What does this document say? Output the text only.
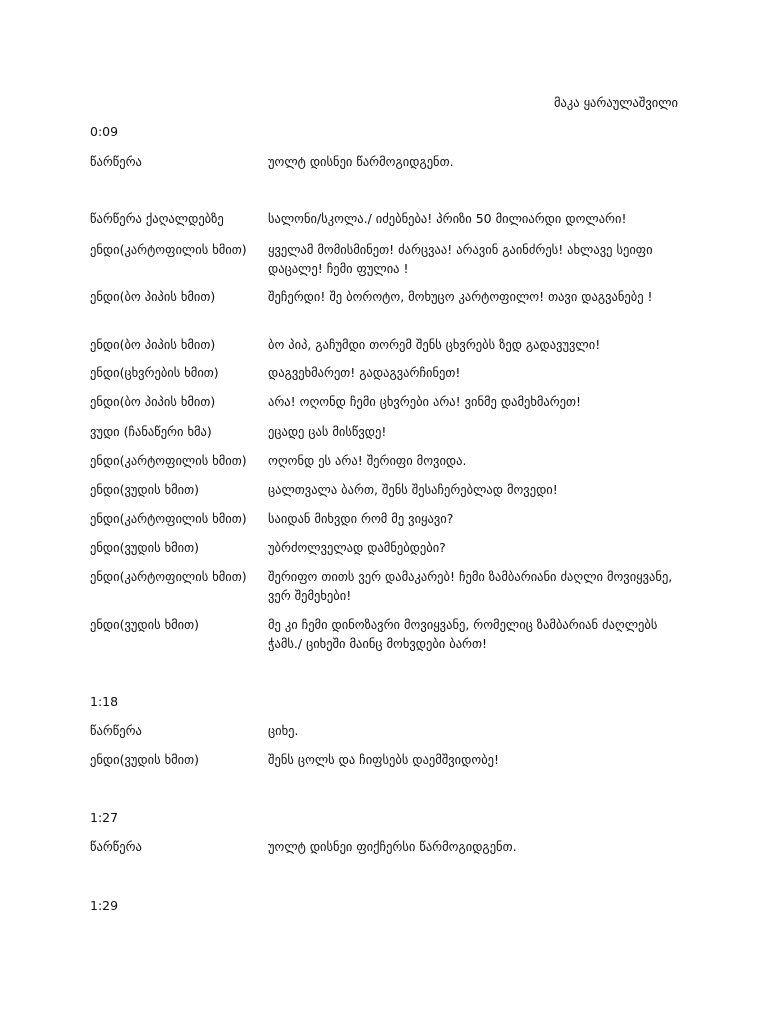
მაკა ყარაულაშვილი
0:09
წარწერა	უოლტ დისნეი წარმოგიდგენთ.
წარწერა ქაღალდებზე	სალონი/სკოლა./ იძებნება! პრიზი 50 მილიარდი დოლარი!
ენდი(კარტოფილის ხმით)	ყველამ მომისმინეთ! ძარცვაა! არავინ გაინძრეს! ახლავე სეიფი დაცალე! ჩემი ფულია !
ენდი(ბო პიპის ხმით)	შეჩერდი! შე ბოროტო, მოხუცო კარტოფილო! თავი დაგვანებე !
ენდი(ბო პიპის ხმით)	ბო პიპ, გაჩუმდი თორემ შენს ცხვრებს ზედ გადავუვლი!
ენდი(ცხვრების ხმით)	დაგვეხმარეთ! გადაგვარჩინეთ!
ენდი(ბო პიპის ხმით)	არა! ოღონდ ჩემი ცხვრები არა! ვინმე დამეხმარეთ!
ვუდი (ჩანაწერი ხმა)	ეცადე ცას მისწვდე!
ენდი(კარტოფილის ხმით)	ოღონდ ეს არა! შერიფი მოვიდა.
ენდი(ვუდის ხმით)	ცალთვალა ბართ, შენს შესაჩერებლად მოვედი!
ენდი(კარტოფილის ხმით)	საიდან მიხვდი რომ მე ვიყავი?
ენდი(ვუდის ხმით)	უბრძოლველად დამნებდები?
ენდი(კარტოფილის ხმით)	შერიფო თითს ვერ დამაკარებ! ჩემი ზამბარიანი ძაღლი მოვიყვანე, ვერ შემეხები!
ენდი(ვუდის ხმით)	მე კი ჩემი დინოზავრი მოვიყვანე, რომელიც ზამბარიან ძაღლებს ჭამს./ ციხეში მაინც მოხვდები ბართ!
1:18
წარწერა	ციხე.
ენდი(ვუდის ხმით)	შენს ცოლს და ჩიფსებს დაემშვიდობე!
1:27
წარწერა	უოლტ დისნეი ფიქჩერსი წარმოგიდგენთ.
1:29
